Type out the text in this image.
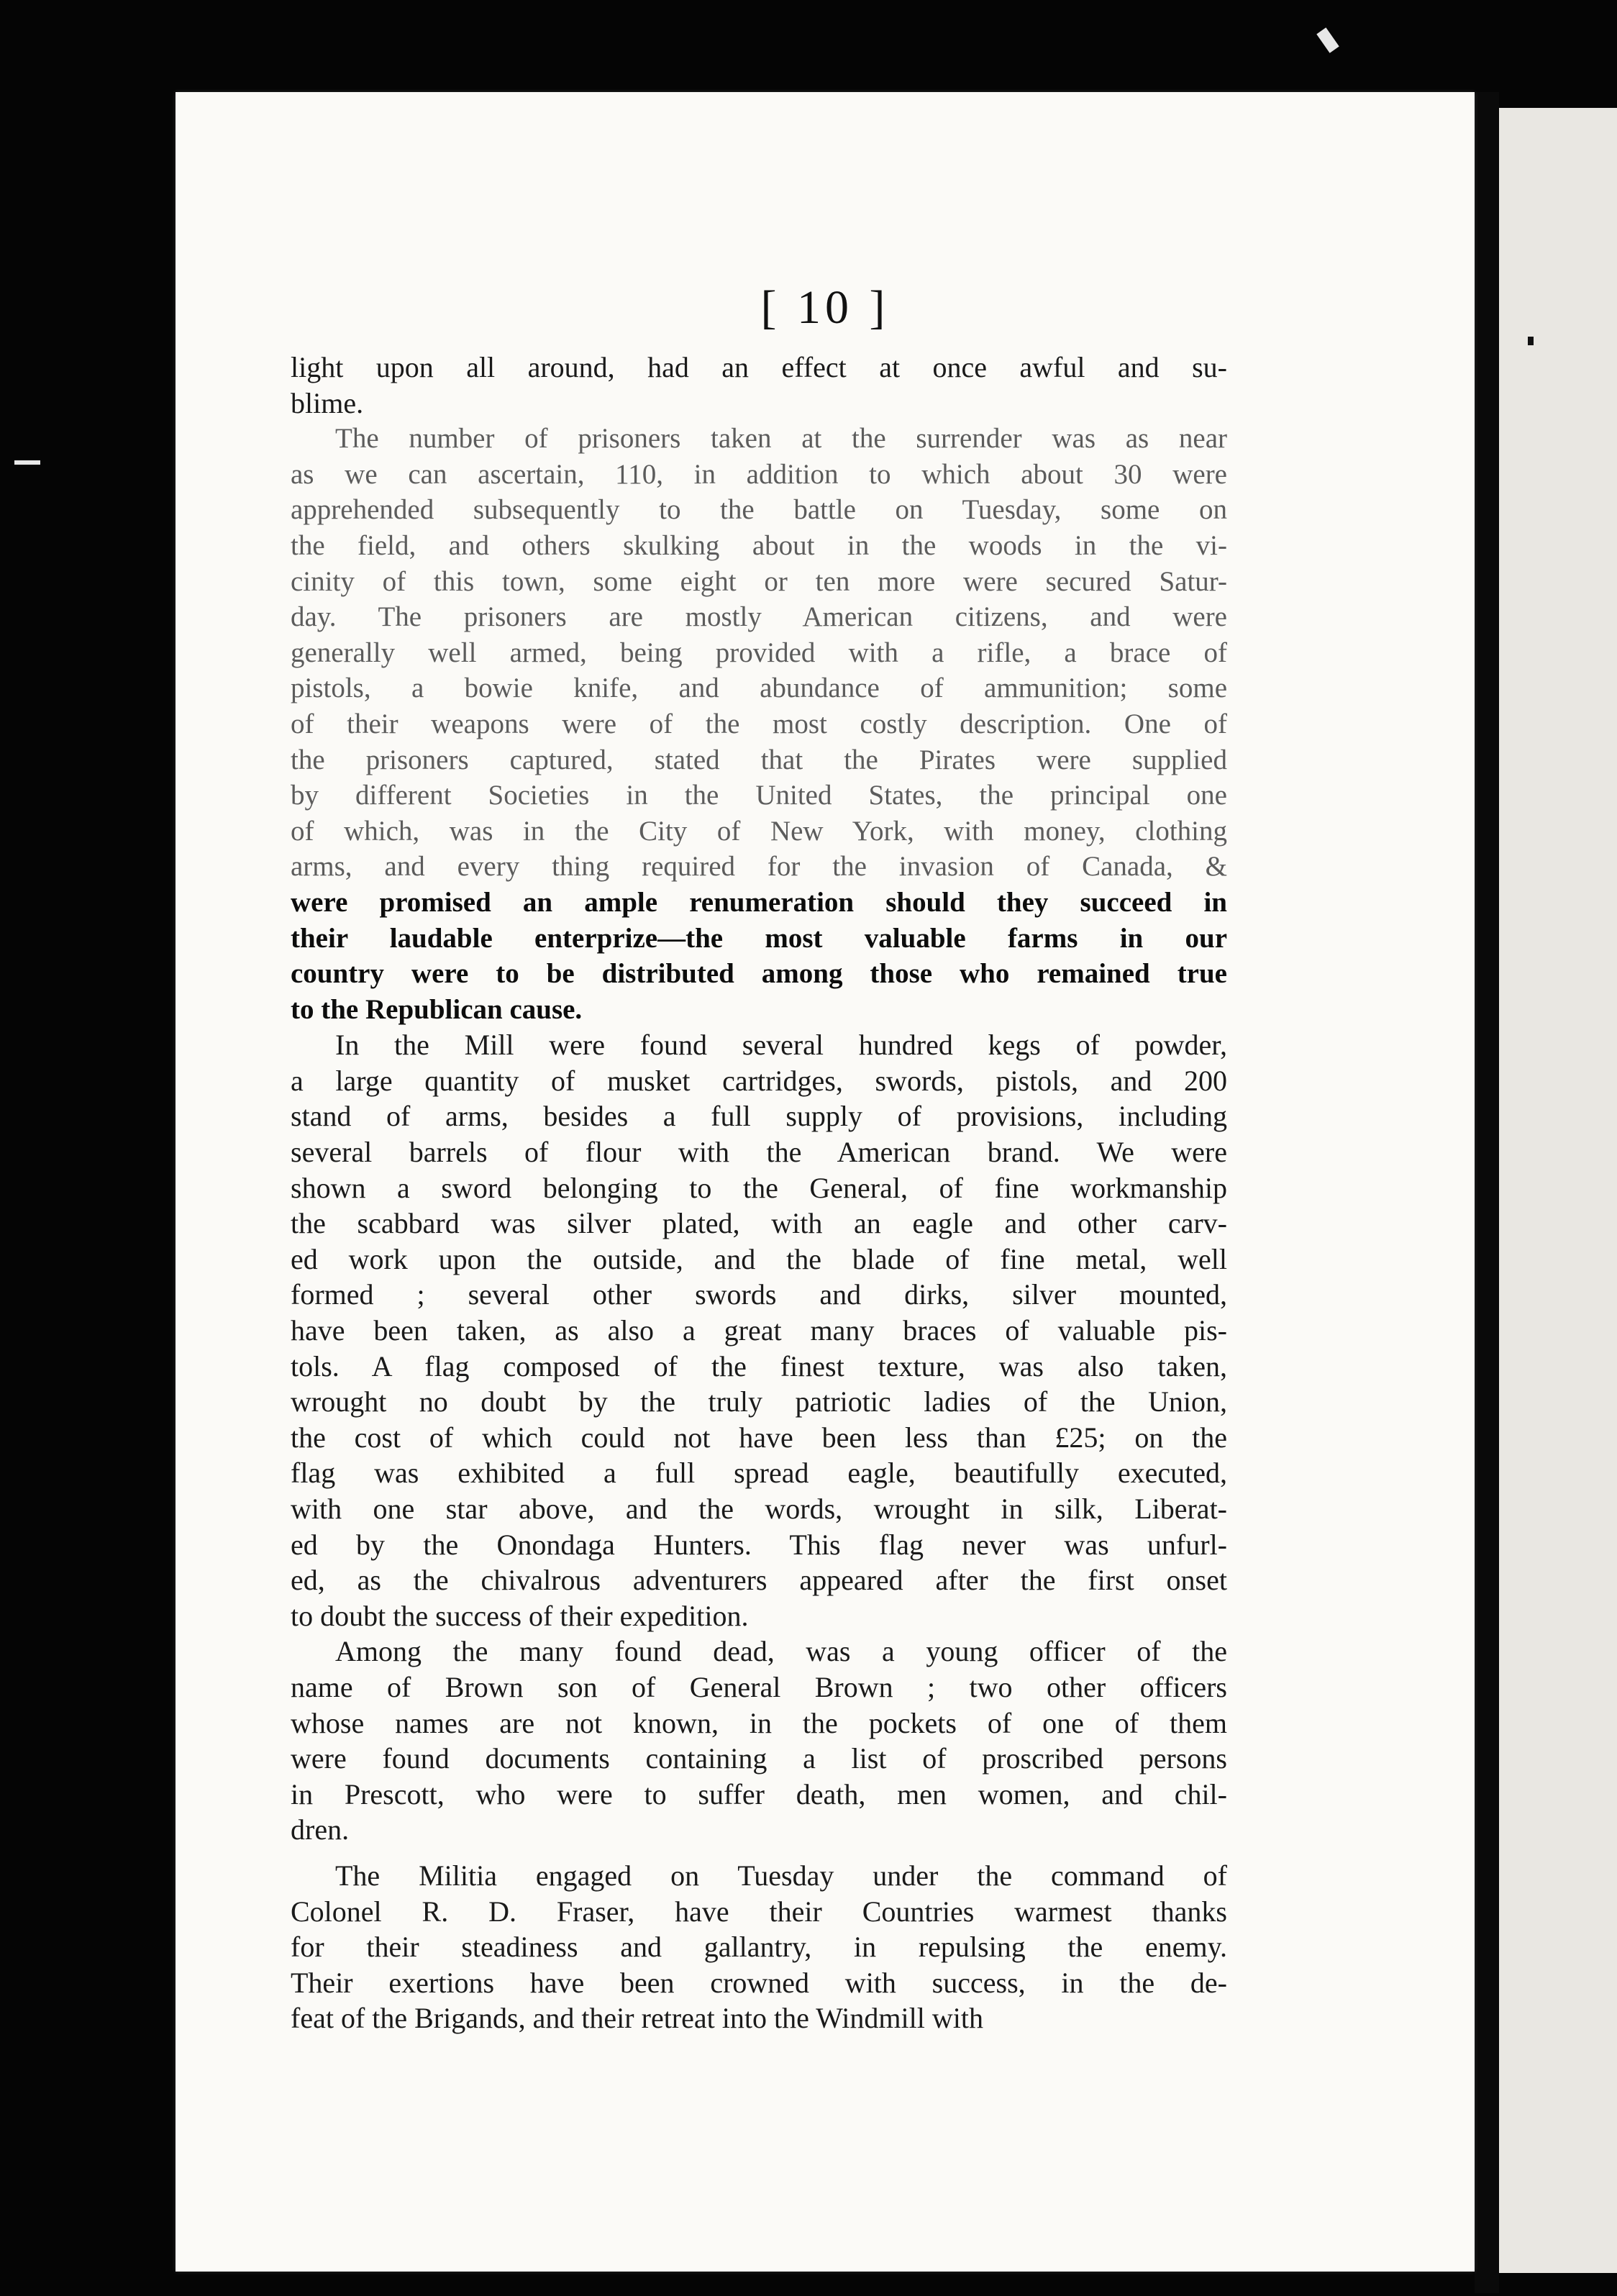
[ 10 ]
light upon all around, had an effect at once awful and su-
blime.
The number of prisoners taken at the surrender was as near
as we can ascertain, 110, in addition to which about 30 were
apprehended subsequently to the battle on Tuesday, some on
the field, and others skulking about in the woods in the vi-
cinity of this town, some eight or ten more were secured Satur-
day. The prisoners are mostly American citizens, and were
generally well armed, being provided with a rifle, a brace of
pistols, a bowie knife, and abundance of ammunition; some
of their weapons were of the most costly description. One of
the prisoners captured, stated that the Pirates were supplied
by different Societies in the United States, the principal one
of which, was in the City of New York, with money, clothing
arms, and every thing required for the invasion of Canada, &
were promised an ample renumeration should they succeed in
their laudable enterprize—the most valuable farms in our
country were to be distributed among those who remained true
to the Republican cause.
In the Mill were found several hundred kegs of powder,
a large quantity of musket cartridges, swords, pistols, and 200
stand of arms, besides a full supply of provisions, including
several barrels of flour with the American brand. We were
shown a sword belonging to the General, of fine workmanship
the scabbard was silver plated, with an eagle and other carv-
ed work upon the outside, and the blade of fine metal, well
formed ; several other swords and dirks, silver mounted,
have been taken, as also a great many braces of valuable pis-
tols. A flag composed of the finest texture, was also taken,
wrought no doubt by the truly patriotic ladies of the Union,
the cost of which could not have been less than £25; on the
flag was exhibited a full spread eagle, beautifully executed,
with one star above, and the words, wrought in silk, Liberat-
ed by the Onondaga Hunters. This flag never was unfurl-
ed, as the chivalrous adventurers appeared after the first onset
to doubt the success of their expedition.
Among the many found dead, was a young officer of the
name of Brown son of General Brown ; two other officers
whose names are not known, in the pockets of one of them
were found documents containing a list of proscribed persons
in Prescott, who were to suffer death, men women, and chil-
dren.
The Militia engaged on Tuesday under the command of
Colonel R. D. Fraser, have their Countries warmest thanks
for their steadiness and gallantry, in repulsing the enemy.
Their exertions have been crowned with success, in the de-
feat of the Brigands, and their retreat into the Windmill with
